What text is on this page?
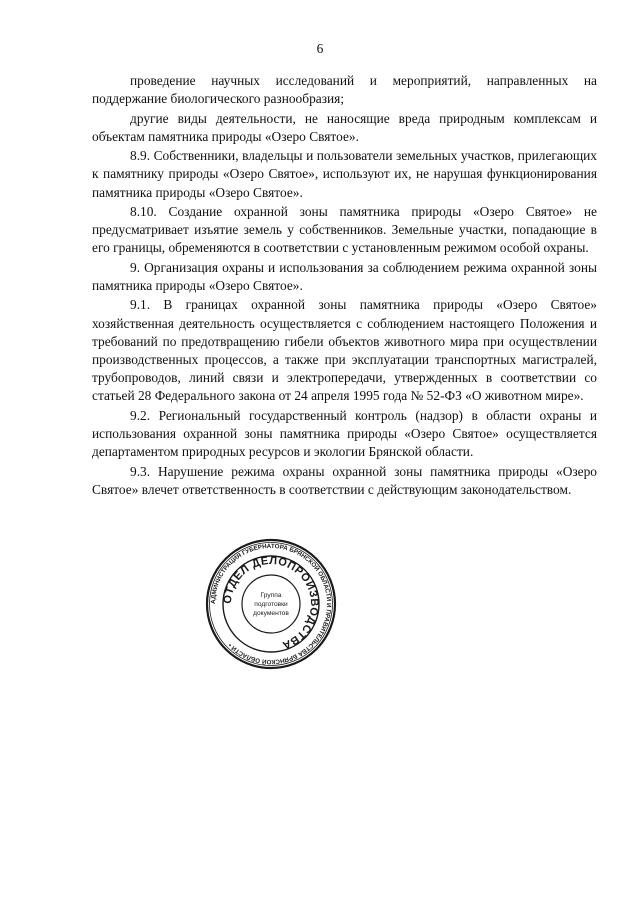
6

проведение научных исследований и мероприятий, направленных на поддержание биологического разнообразия;

другие виды деятельности, не наносящие вреда природным комплексам и объектам памятника природы «Озеро Святое».

8.9. Собственники, владельцы и пользователи земельных участков, прилегающих к памятнику природы «Озеро Святое», используют их, не нарушая функционирования памятника природы «Озеро Святое».

8.10. Создание охранной зоны памятника природы «Озеро Святое» не предусматривает изъятие земель у собственников. Земельные участки, попадающие в его границы, обременяются в соответствии с установленным режимом особой охраны.

9. Организация охраны и использования за соблюдением режима охранной зоны памятника природы «Озеро Святое».

9.1. В границах охранной зоны памятника природы «Озеро Святое» хозяйственная деятельность осуществляется с соблюдением настоящего Положения и требований по предотвращению гибели объектов животного мира при осуществлении производственных процессов, а также при эксплуатации транспортных магистралей, трубопроводов, линий связи и электропередачи, утвержденных в соответствии со статьей 28 Федерального закона от 24 апреля 1995 года № 52-ФЗ «О животном мире».

9.2. Региональный государственный контроль (надзор) в области охраны и использования охранной зоны памятника природы «Озеро Святое» осуществляется департаментом природных ресурсов и экологии Брянской области.

9.3. Нарушение режима охраны охранной зоны памятника природы «Озеро Святое» влечет ответственность в соответствии с действующим законодательством.

АДМИНИСТРАЦИЯ ГУБЕРНАТОРА БРЯНСКОЙ ОБЛАСТИ И ПРАВИТЕЛЬСТВА БРЯНСКОЙ ОБЛАСТИ •
ОТДЕЛ ДЕЛОПРОИЗВОДСТВА
Группа
подготовки
документов
